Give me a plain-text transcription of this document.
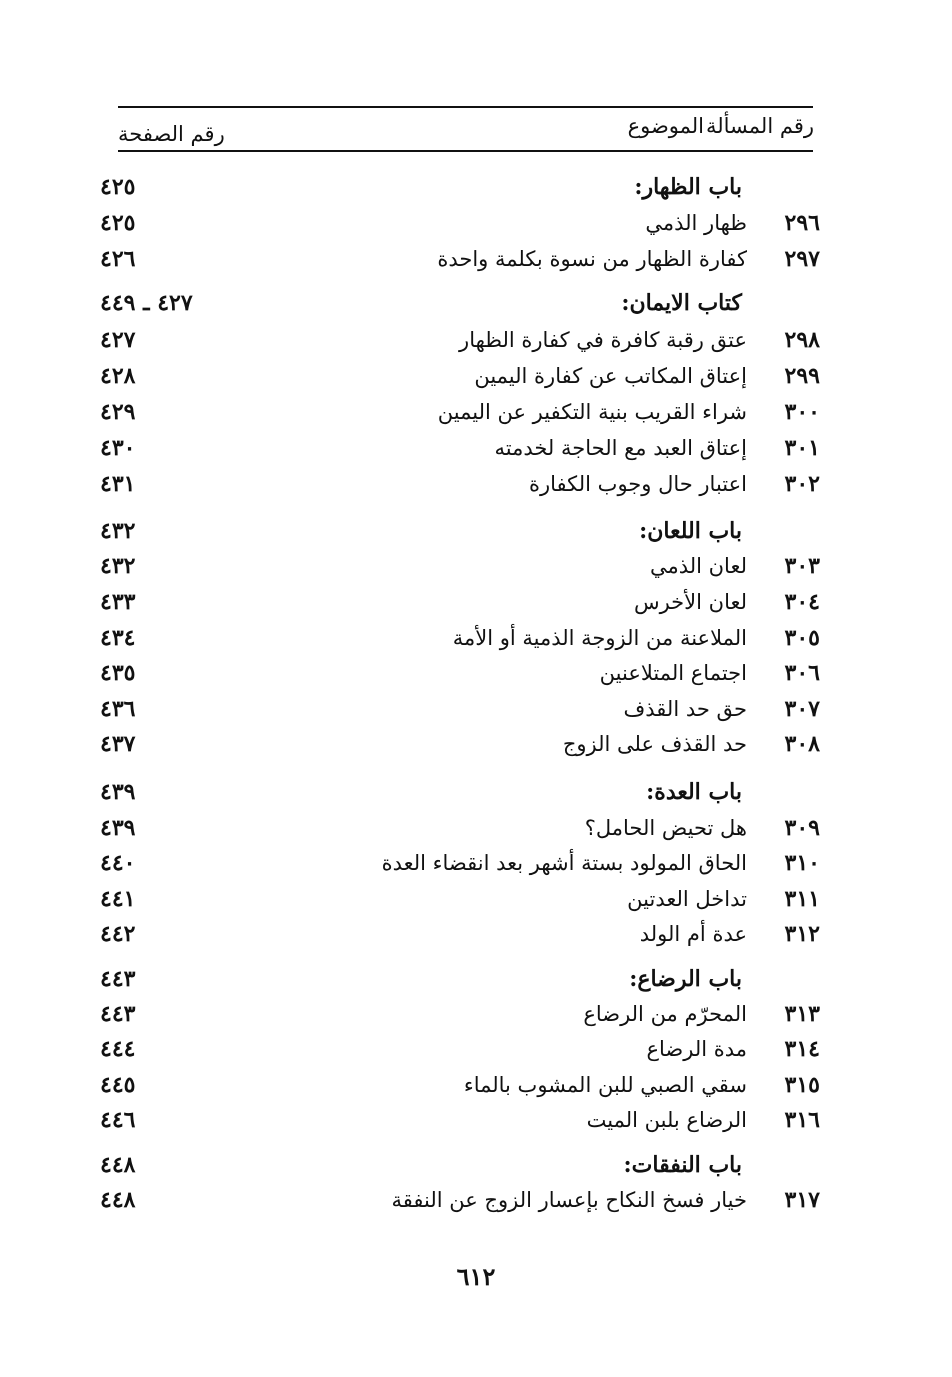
رقم المسألة
الموضوع
رقم الصفحة
باب الظهار:
٤٢٥
٢٩٦
ظهار الذمي
٤٢٥
٢٩٧
كفارة الظهار من نسوة بكلمة واحدة
٤٢٦
كتاب الايمان:
٤٢٧ ـ ٤٤٩
٢٩٨
عتق رقبة كافرة في كفارة الظهار
٤٢٧
٢٩٩
إعتاق المكاتب عن كفارة اليمين
٤٢٨
٣٠٠
شراء القريب بنية التكفير عن اليمين
٤٢٩
٣٠١
إعتاق العبد مع الحاجة لخدمته
٤٣٠
٣٠٢
اعتبار حال وجوب الكفارة
٤٣١
باب اللعان:
٤٣٢
٣٠٣
لعان الذمي
٤٣٢
٣٠٤
لعان الأخرس
٤٣٣
٣٠٥
الملاعنة من الزوجة الذمية أو الأمة
٤٣٤
٣٠٦
اجتماع المتلاعنين
٤٣٥
٣٠٧
حق حد القذف
٤٣٦
٣٠٨
حد القذف على الزوج
٤٣٧
باب العدة:
٤٣٩
٣٠٩
هل تحيض الحامل؟
٤٣٩
٣١٠
الحاق المولود بستة أشهر بعد انقضاء العدة
٤٤٠
٣١١
تداخل العدتين
٤٤١
٣١٢
عدة أم الولد
٤٤٢
باب الرضاع:
٤٤٣
٣١٣
المحرّم من الرضاع
٤٤٣
٣١٤
مدة الرضاع
٤٤٤
٣١٥
سقي الصبي للبن المشوب بالماء
٤٤٥
٣١٦
الرضاع بلبن الميت
٤٤٦
باب النفقات:
٤٤٨
٣١٧
خيار فسخ النكاح بإعسار الزوج عن النفقة
٤٤٨
٦١٢
